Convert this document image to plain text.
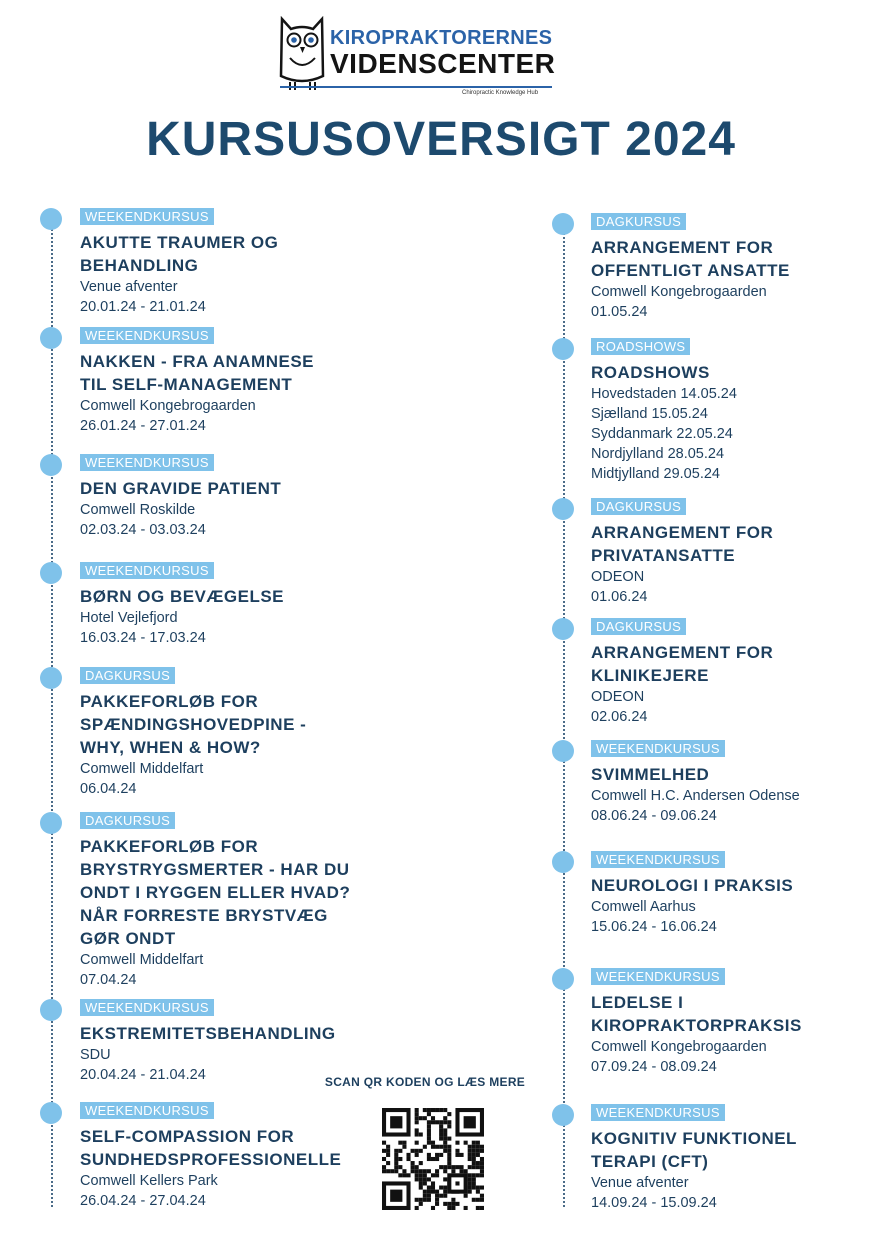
KIROPRAKTORERNES
VIDENSCENTER
Chiropractic Knowledge Hub
KURSUSOVERSIGT 2024
WEEKENDKURSUS
AKUTTE TRAUMER OG
BEHANDLING
Venue afventer
20.01.24 - 21.01.24
WEEKENDKURSUS
NAKKEN - FRA ANAMNESE
TIL SELF-MANAGEMENT
Comwell Kongebrogaarden
26.01.24 - 27.01.24
WEEKENDKURSUS
DEN GRAVIDE PATIENT
Comwell Roskilde
02.03.24 - 03.03.24
WEEKENDKURSUS
BØRN OG BEVÆGELSE
Hotel Vejlefjord
16.03.24 - 17.03.24
DAGKURSUS
PAKKEFORLØB FOR
SPÆNDINGSHOVEDPINE -
WHY, WHEN & HOW?
Comwell Middelfart
06.04.24
DAGKURSUS
PAKKEFORLØB FOR
BRYSTRYGSMERTER - HAR DU
ONDT I RYGGEN ELLER HVAD?
NÅR FORRESTE BRYSTVÆG
GØR ONDT
Comwell Middelfart
07.04.24
WEEKENDKURSUS
EKSTREMITETSBEHANDLING
SDU
20.04.24 - 21.04.24
WEEKENDKURSUS
SELF-COMPASSION FOR
SUNDHEDSPROFESSIONELLE
Comwell Kellers Park
26.04.24 - 27.04.24
DAGKURSUS
ARRANGEMENT FOR
OFFENTLIGT ANSATTE
Comwell Kongebrogaarden
01.05.24
ROADSHOWS
ROADSHOWS
Hovedstaden 14.05.24
Sjælland 15.05.24
Syddanmark 22.05.24
Nordjylland 28.05.24
Midtjylland 29.05.24
DAGKURSUS
ARRANGEMENT FOR
PRIVATANSATTE
ODEON
01.06.24
DAGKURSUS
ARRANGEMENT FOR
KLINIKEJERE
ODEON
02.06.24
WEEKENDKURSUS
SVIMMELHED
Comwell H.C. Andersen Odense
08.06.24 - 09.06.24
WEEKENDKURSUS
NEUROLOGI I PRAKSIS
Comwell Aarhus
15.06.24 - 16.06.24
WEEKENDKURSUS
LEDELSE I
KIROPRAKTORPRAKSIS
Comwell Kongebrogaarden
07.09.24 - 08.09.24
WEEKENDKURSUS
KOGNITIV FUNKTIONEL
TERAPI (CFT)
Venue afventer
14.09.24 - 15.09.24
SCAN QR KODEN OG LÆS MERE
